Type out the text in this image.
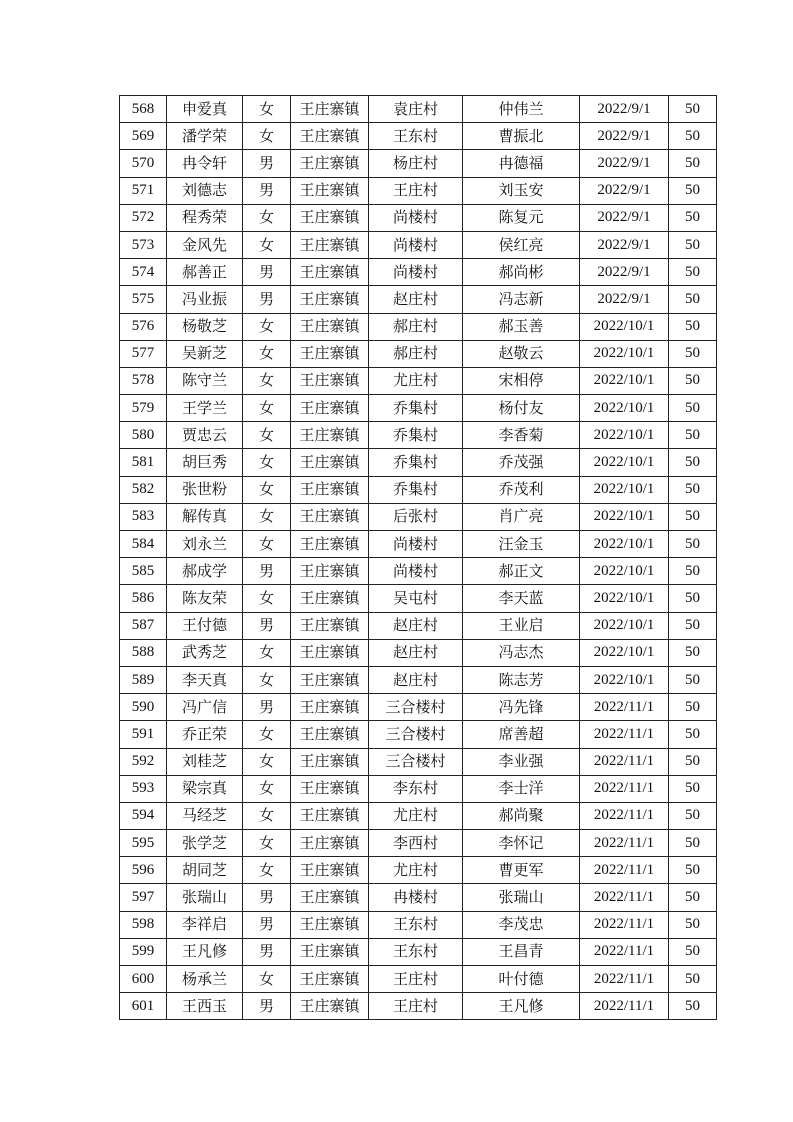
568	申爱真	女	王庄寨镇	袁庄村	仲伟兰	2022/9/1	50
569	潘学荣	女	王庄寨镇	王东村	曹振北	2022/9/1	50
570	冉令轩	男	王庄寨镇	杨庄村	冉德福	2022/9/1	50
571	刘德志	男	王庄寨镇	王庄村	刘玉安	2022/9/1	50
572	程秀荣	女	王庄寨镇	尚楼村	陈复元	2022/9/1	50
573	金风先	女	王庄寨镇	尚楼村	侯红亮	2022/9/1	50
574	郝善正	男	王庄寨镇	尚楼村	郝尚彬	2022/9/1	50
575	冯业振	男	王庄寨镇	赵庄村	冯志新	2022/9/1	50
576	杨敬芝	女	王庄寨镇	郝庄村	郝玉善	2022/10/1	50
577	吴新芝	女	王庄寨镇	郝庄村	赵敬云	2022/10/1	50
578	陈守兰	女	王庄寨镇	尤庄村	宋相停	2022/10/1	50
579	王学兰	女	王庄寨镇	乔集村	杨付友	2022/10/1	50
580	贾忠云	女	王庄寨镇	乔集村	李香菊	2022/10/1	50
581	胡巨秀	女	王庄寨镇	乔集村	乔茂强	2022/10/1	50
582	张世粉	女	王庄寨镇	乔集村	乔茂利	2022/10/1	50
583	解传真	女	王庄寨镇	后张村	肖广亮	2022/10/1	50
584	刘永兰	女	王庄寨镇	尚楼村	汪金玉	2022/10/1	50
585	郝成学	男	王庄寨镇	尚楼村	郝正文	2022/10/1	50
586	陈友荣	女	王庄寨镇	吴屯村	李天蓝	2022/10/1	50
587	王付德	男	王庄寨镇	赵庄村	王业启	2022/10/1	50
588	武秀芝	女	王庄寨镇	赵庄村	冯志杰	2022/10/1	50
589	李天真	女	王庄寨镇	赵庄村	陈志芳	2022/10/1	50
590	冯广信	男	王庄寨镇	三合楼村	冯先锋	2022/11/1	50
591	乔正荣	女	王庄寨镇	三合楼村	席善超	2022/11/1	50
592	刘桂芝	女	王庄寨镇	三合楼村	李业强	2022/11/1	50
593	梁宗真	女	王庄寨镇	李东村	李士洋	2022/11/1	50
594	马经芝	女	王庄寨镇	尤庄村	郝尚聚	2022/11/1	50
595	张学芝	女	王庄寨镇	李西村	李怀记	2022/11/1	50
596	胡同芝	女	王庄寨镇	尤庄村	曹更军	2022/11/1	50
597	张瑞山	男	王庄寨镇	冉楼村	张瑞山	2022/11/1	50
598	李祥启	男	王庄寨镇	王东村	李茂忠	2022/11/1	50
599	王凡修	男	王庄寨镇	王东村	王昌青	2022/11/1	50
600	杨承兰	女	王庄寨镇	王庄村	叶付德	2022/11/1	50
601	王西玉	男	王庄寨镇	王庄村	王凡修	2022/11/1	50
